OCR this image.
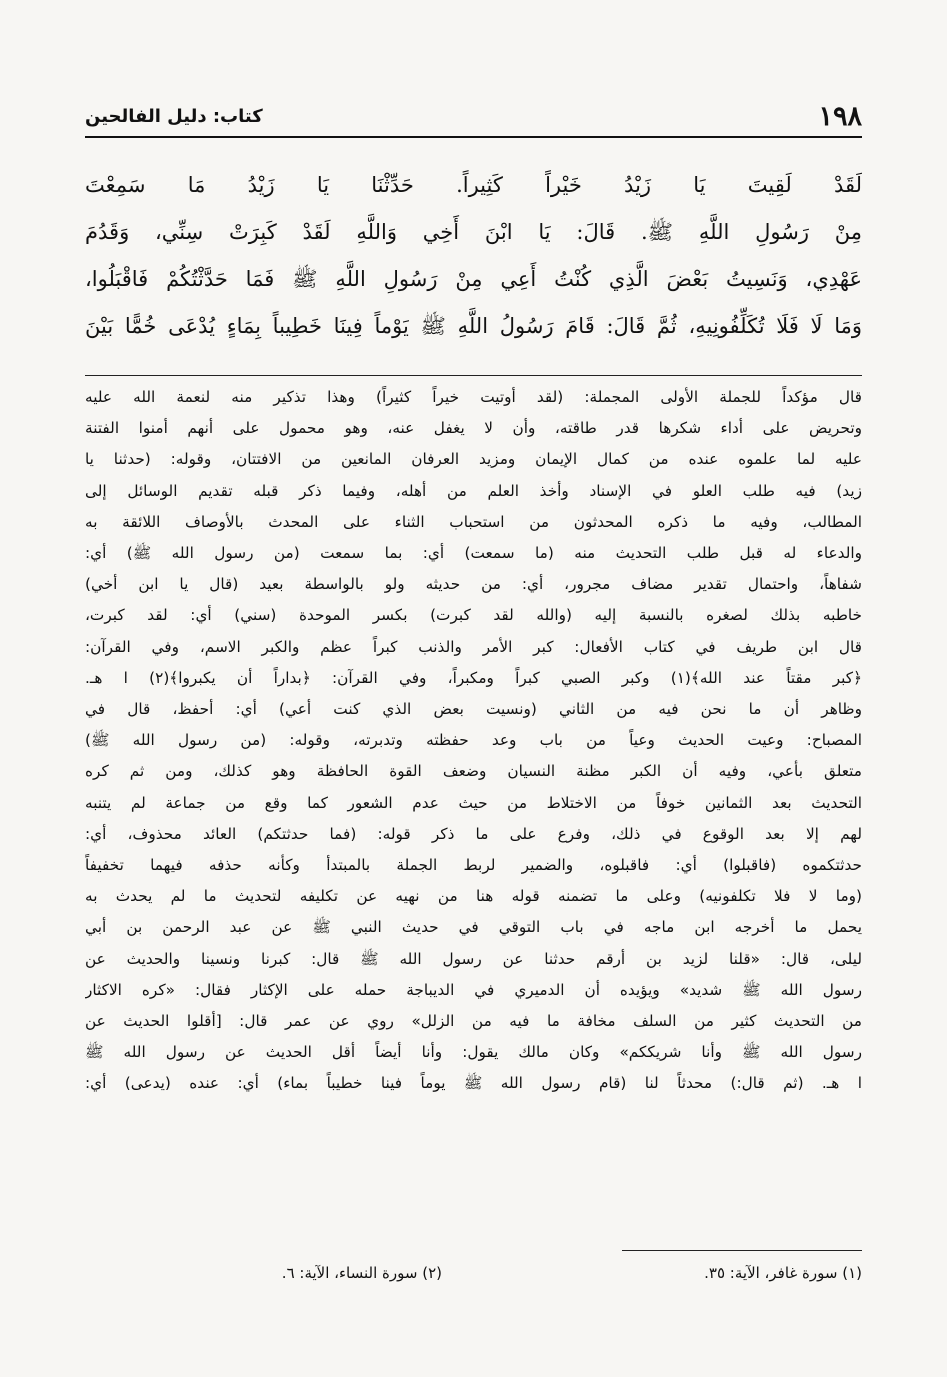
١٩٨
كتاب: دليل الفالحين
لَقَدْ لَقِيتَ يَا زَيْدُ خَيْراً كَثِيراً. حَدِّثْنَا يَا زَيْدُ مَا سَمِعْتَ
مِنْ رَسُولِ اللَّهِ ﷺ. قَالَ: يَا ابْنَ أَخِي وَاللَّهِ لَقَدْ كَبِرَتْ سِنِّي، وَقَدُمَ
عَهْدِي، وَنَسِيتُ بَعْضَ الَّذِي كُنْتُ أَعِي مِنْ رَسُولِ اللَّهِ ﷺ فَمَا حَدَّثْتُكُمْ فَاقْبَلُوا،
وَمَا لَا فَلَا تُكَلِّفُونِيهِ، ثُمَّ قَالَ: قَامَ رَسُولُ اللَّهِ ﷺ يَوْماً فِينَا خَطِيباً بِمَاءٍ يُدْعَى خُمًّا بَيْنَ
قال مؤكداً للجملة الأولى المجملة: (لقد أوتيت خيراً كثيراً) وهذا تذكير منه لنعمة الله عليه
وتحريض على أداء شكرها قدر طاقته، وأن لا يغفل عنه، وهو محمول على أنهم أمنوا الفتنة
عليه لما علموه عنده من كمال الإيمان ومزيد العرفان المانعين من الافتتان، وقوله: (حدثنا يا
زيد) فيه طلب العلو في الإسناد وأخذ العلم من أهله، وفيما ذكر قبله تقديم الوسائل إلى
المطالب، وفيه ما ذكره المحدثون من استحباب الثناء على المحدث بالأوصاف اللائقة به
والدعاء له قبل طلب التحديث منه (ما سمعت) أي: بما سمعت (من رسول الله ﷺ) أي:
شفاهاً، واحتمال تقدير مضاف مجرور، أي: من حديثه ولو بالواسطة بعيد (قال يا ابن أخي)
خاطبه بذلك لصغره بالنسبة إليه (والله لقد كبرت) بكسر الموحدة (سني) أي: لقد كبرت،
قال ابن طريف في كتاب الأفعال: كبر الأمر والذنب كبراً عظم والكبر الاسم، وفي القرآن:
﴿كبر مقتاً عند الله﴾(١) وكبر الصبي كبراً ومكبراً، وفي القرآن: ﴿بداراً أن يكبروا﴾(٢) ا هـ.
وظاهر أن ما نحن فيه من الثاني (ونسيت بعض الذي كنت أعي) أي: أحفظ، قال في
المصباح: وعيت الحديث وعياً من باب وعد حفظته وتدبرته، وقوله: (من رسول الله ﷺ)
متعلق بأعي، وفيه أن الكبر مظنة النسيان وضعف القوة الحافظة وهو كذلك، ومن ثم كره
التحديث بعد الثمانين خوفاً من الاختلاط من حيث عدم الشعور كما وقع من جماعة لم يتنبه
لهم إلا بعد الوقوع في ذلك، وفرع على ما ذكر قوله: (فما حدثتكم) العائد محذوف، أي:
حدثتكموه (فاقبلوا) أي: فاقبلوه، والضمير لربط الجملة بالمبتدأ وكأنه حذفه فيهما تخفيفاً
(وما لا فلا تكلفونيه) وعلى ما تضمنه قوله هنا من نهيه عن تكليفه لتحديث ما لم يحدث به
يحمل ما أخرجه ابن ماجه في باب التوقي في حديث النبي ﷺ عن عبد الرحمن بن أبي
ليلى، قال: «قلنا لزيد بن أرقم حدثنا عن رسول الله ﷺ قال: كبرنا ونسينا والحديث عن
رسول الله ﷺ شديد» ويؤيده أن الدميري في الديباجة حمله على الإكثار فقال: «كره الاكثار
من التحديث كثير من السلف مخافة ما فيه من الزلل» روي عن عمر قال: [أقلوا الحديث عن
رسول الله ﷺ وأنا شريككم» وكان مالك يقول: وأنا أيضاً أقل الحديث عن رسول الله ﷺ
ا هـ. (ثم قال:) محدثاً لنا (قام رسول الله ﷺ يوماً فينا خطيباً بماء) أي: عنده (يدعى) أي:
(١) سورة غافر، الآية: ٣٥.
(٢) سورة النساء، الآية: ٦.
